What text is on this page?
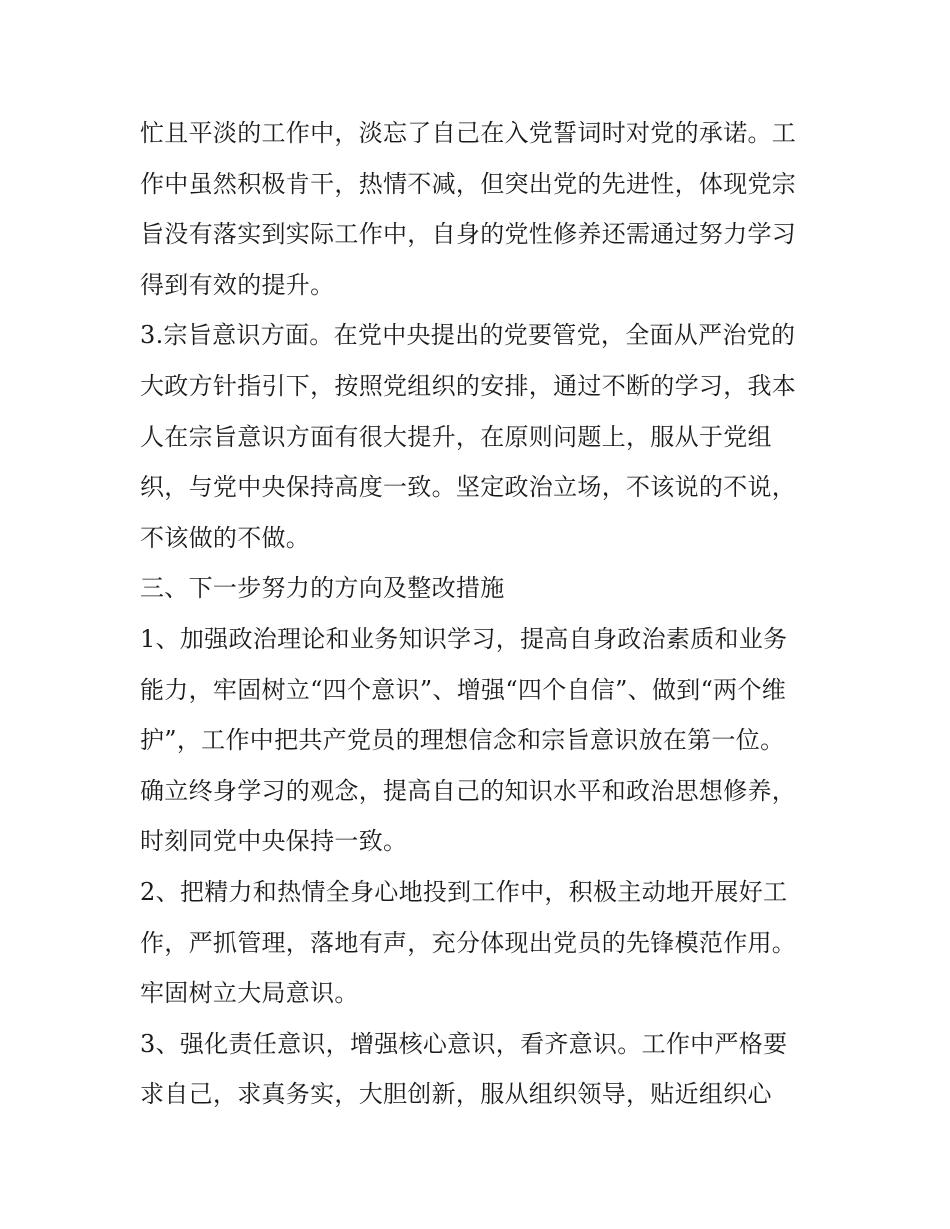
忙且平淡的工作中，淡忘了自己在入党誓词时对党的承诺。工
作中虽然积极肯干，热情不减，但突出党的先进性，体现党宗
旨没有落实到实际工作中，自身的党性修养还需通过努力学习
得到有效的提升。
3.宗旨意识方面。在党中央提出的党要管党，全面从严治党的
大政方针指引下，按照党组织的安排，通过不断的学习，我本
人在宗旨意识方面有很大提升，在原则问题上，服从于党组
织，与党中央保持高度一致。坚定政治立场，不该说的不说，
不该做的不做。
三、下一步努力的方向及整改措施
1、加强政治理论和业务知识学习，提高自身政治素质和业务
能力，牢固树立“四个意识”、增强“四个自信”、做到“两个维
护”，工作中把共产党员的理想信念和宗旨意识放在第一位。
确立终身学习的观念，提高自己的知识水平和政治思想修养，
时刻同党中央保持一致。
2、把精力和热情全身心地投到工作中，积极主动地开展好工
作，严抓管理，落地有声，充分体现出党员的先锋模范作用。
牢固树立大局意识。
3、强化责任意识，增强核心意识，看齐意识。工作中严格要
求自己，求真务实，大胆创新，服从组织领导，贴近组织心
